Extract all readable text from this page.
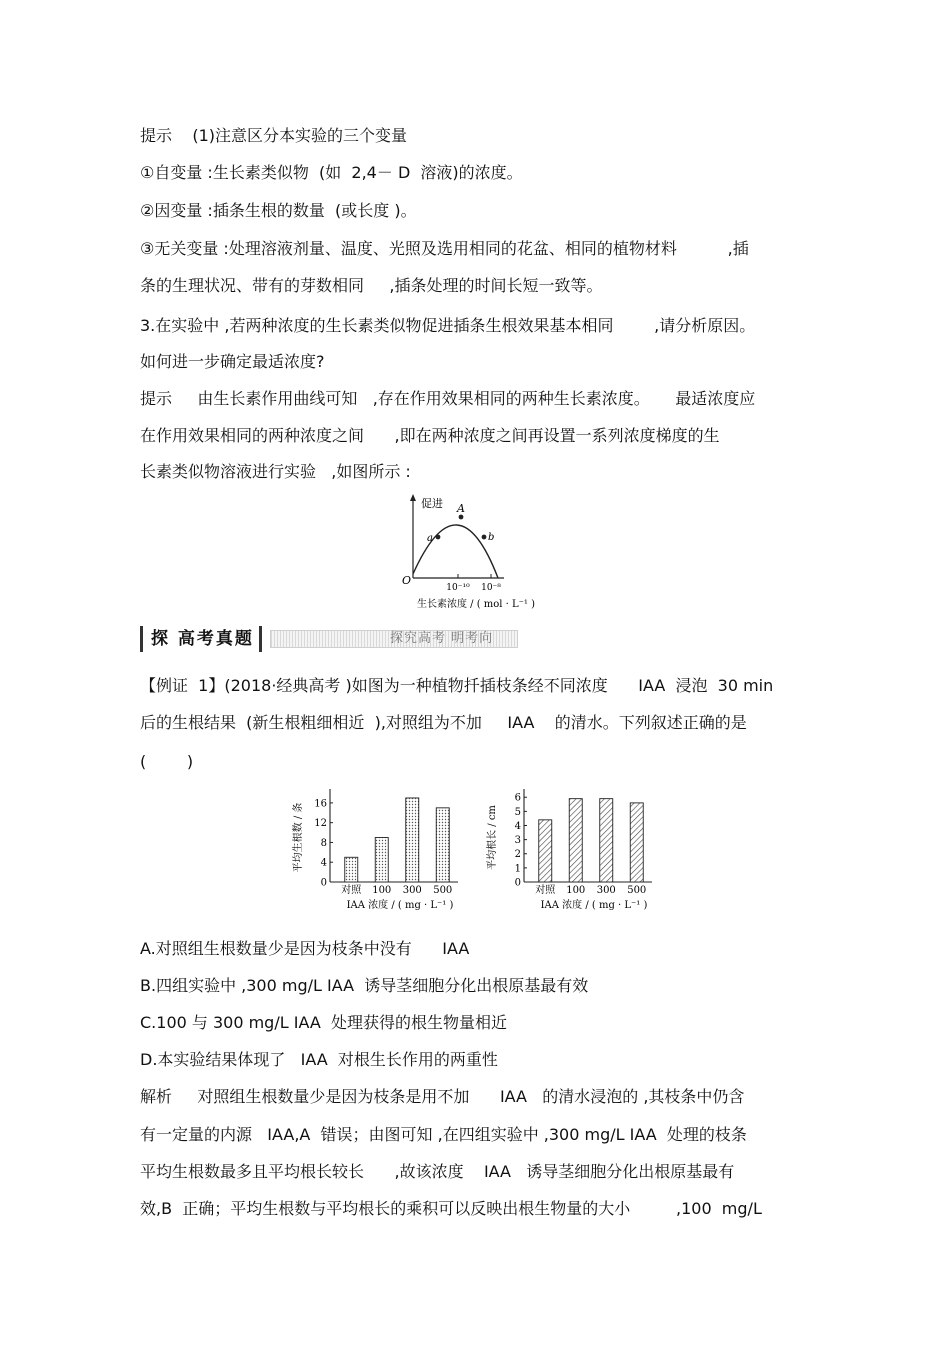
提示    (1)注意区分本实验的三个变量
①自变量 :生长素类似物  (如  2,4－ D  溶液)的浓度。
②因变量 :插条生根的数量  (或长度 )。
③无关变量 :处理溶液剂量、温度、光照及选用相同的花盆、相同的植物材料          ,插
条的生理状况、带有的芽数相同     ,插条处理的时间长短一致等。
3.在实验中 ,若两种浓度的生长素类似物促进插条生根效果基本相同        ,请分析原因。
如何进一步确定最适浓度?
提示     由生长素作用曲线可知   ,存在作用效果相同的两种生长素浓度。     最适浓度应
在作用效果相同的两种浓度之间      ,即在两种浓度之间再设置一系列浓度梯度的生
长素类似物溶液进行实验   ,如图所示 :
促进
O
a
A
b
10⁻¹⁰ 10⁻⁸
生长素浓度 / ( mol · L⁻¹ )
探 高考真题	探究高考 明考向
【例证  1】(2018·经典高考 )如图为一种植物扦插枝条经不同浓度      IAA  浸泡  30 min
后的生根结果  (新生根粗细相近  ),对照组为不加     IAA    的清水。下列叙述正确的是
(        )
0
4
8
12
16
平均生根数 / 条
对照 100 300 500
IAA 浓度 / ( mg · L⁻¹ )
0
1
2
3
4
5
6
平均根长 / cm
对照 100 300 500
IAA 浓度 / ( mg · L⁻¹ )
A.对照组生根数量少是因为枝条中没有      IAA
B.四组实验中 ,300 mg/L IAA  诱导茎细胞分化出根原基最有效
C.100 与 300 mg/L IAA  处理获得的根生物量相近
D.本实验结果体现了   IAA  对根生长作用的两重性
解析     对照组生根数量少是因为枝条是用不加      IAA   的清水浸泡的 ,其枝条中仍含
有一定量的内源   IAA,A  错误；由图可知 ,在四组实验中 ,300 mg/L IAA  处理的枝条
平均生根数最多且平均根长较长      ,故该浓度    IAA   诱导茎细胞分化出根原基最有
效,B  正确；平均生根数与平均根长的乘积可以反映出根生物量的大小         ,100  mg/L
